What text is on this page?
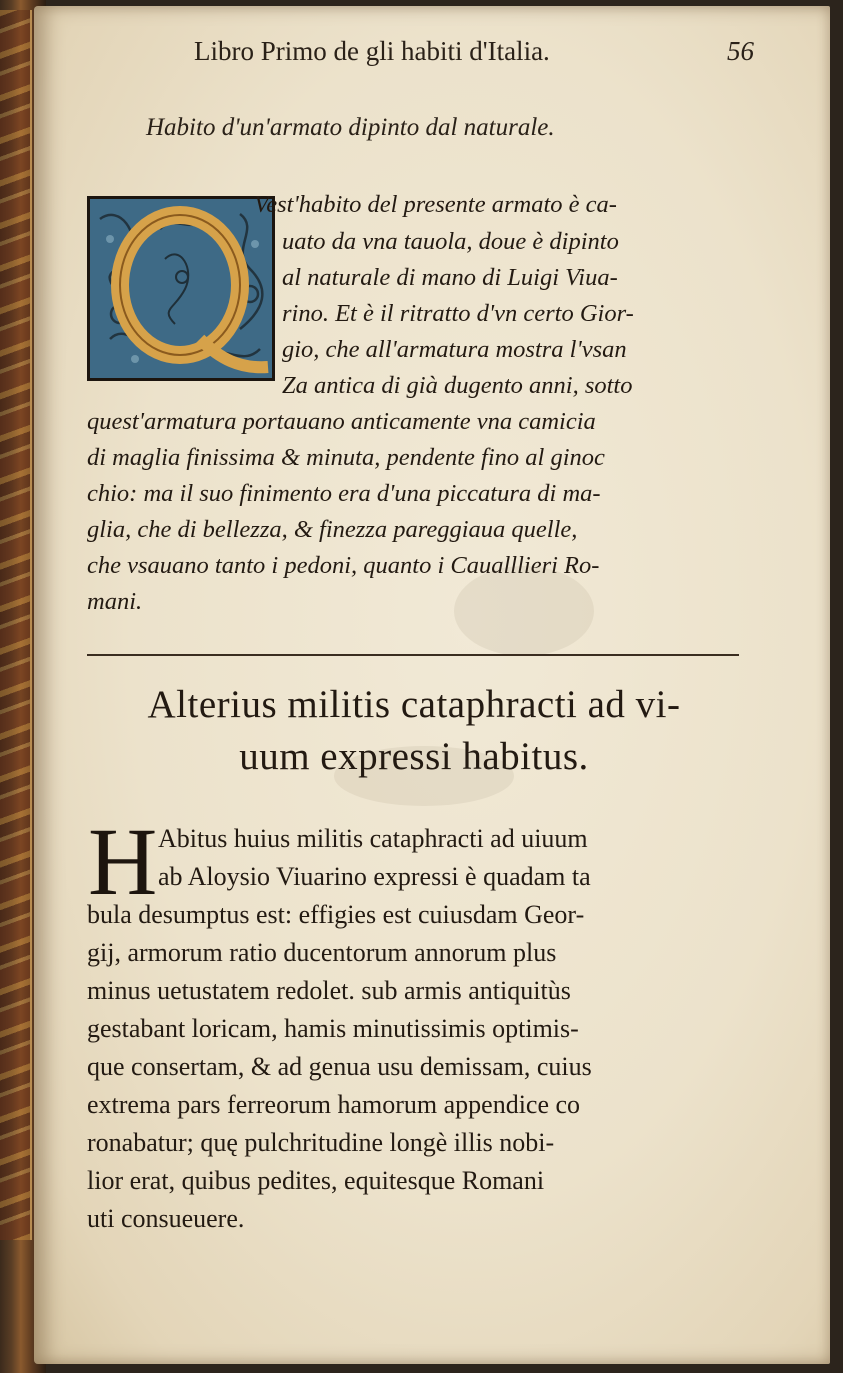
Libro Primo de gli habiti d'Italia.	56
Habito d'un'armato dipinto dal naturale.
Vest'habito del presente armato è ca-
uato da vna tauola, doue è dipinto
al naturale di mano di Luigi Viua-
rino. Et è il ritratto d'vn certo Gior-
gio, che all'armatura mostra l'vsan
Za antica di già dugento anni, sotto
quest'armatura portauano anticamente vna camicia
di maglia finissima & minuta, pendente fino al ginoc
chio: ma il suo finimento era d'una piccatura di ma-
glia, che di bellezza, & finezza pareggiaua quelle,
che vsauano tanto i pedoni, quanto i Caualllieri Ro-
mani.
Alterius militis cataphracti ad vi-
uum expressi habitus.
H Abitus huius militis cataphracti ad uiuum
ab Aloysio Viuarino expressi è quadam ta
bula desumptus est: effigies est cuiusdam Geor-
gij, armorum ratio ducentorum annorum plus
minus uetustatem redolet. sub armis antiquitùs
gestabant loricam, hamis minutissimis optimis-
que consertam, & ad genua usu demissam, cuius
extrema pars ferreorum hamorum appendice co
ronabatur; quę pulchritudine longè illis nobi-
lior erat, quibus pedites, equitesque Romani
uti consueuere.
